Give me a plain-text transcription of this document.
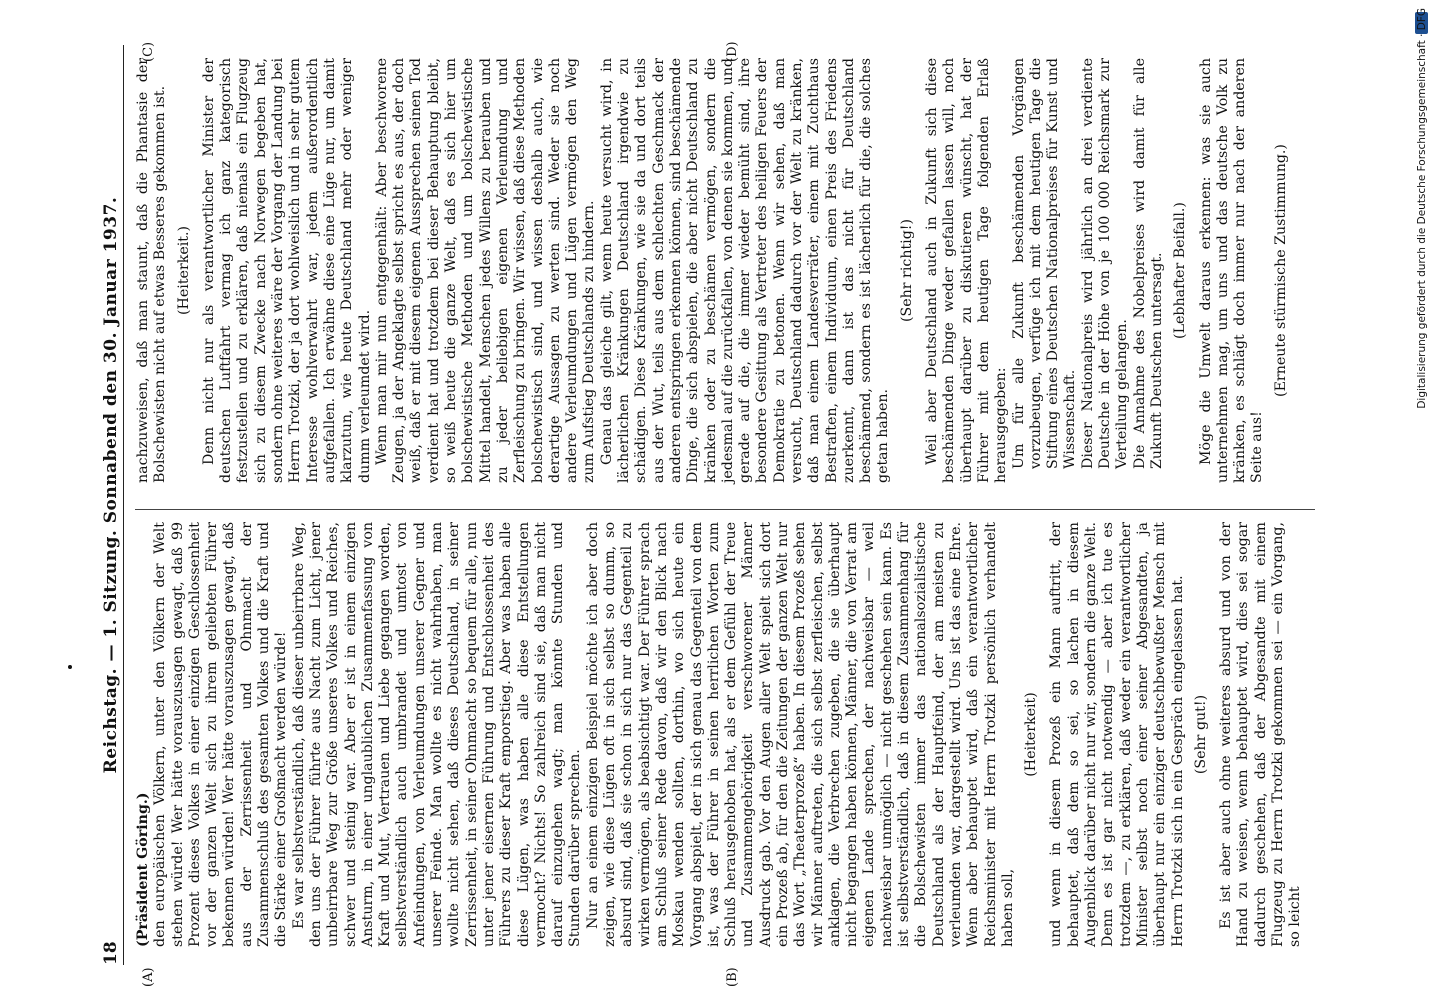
18
Reichstag. — 1. Sitzung. Sonnabend den 30. Januar 1937.
(A)	(B)
(C)	(D)

(Präsident Göring.) den europäischen Völkern, unter den Völkern der Welt stehen würde! Wer hätte vorauszusagen gewagt, daß 99 Prozent dieses Volkes in einer einzigen Geschlossenheit vor der ganzen Welt sich zu ihrem geliebten Führer bekennen würden! Wer hätte vorauszusagen gewagt, daß aus der Zerrissenheit und Ohnmacht der Zusammenschluß des gesamten Volkes und die Kraft und die Stärke einer Großmacht werden würde! Es war selbstverständlich, daß dieser unbeirrbare Weg, den uns der Führer führte aus Nacht zum Licht, jener unbeirrbare Weg zur Größe unseres Volkes und Reiches, schwer und steinig war. Aber er ist in einem einzigen Ansturm, in einer unglaublichen Zusammenfassung von Kraft und Mut, Vertrauen und Liebe gegangen worden, selbstverständlich auch umbrandet und umtost von Anfeindungen, von Verleumdungen unserer Gegner und unserer Feinde. Man wollte es nicht wahrhaben, man wollte nicht sehen, daß dieses Deutschland, in seiner Zerrissenheit, in seiner Ohnmacht so bequem für alle, nun unter jener eisernen Führung und Entschlossenheit des Führers zu dieser Kraft emporstieg. Aber was haben alle diese Lügen, was haben alle diese Entstellungen vermocht? Nichts! So zahlreich sind sie, daß man nicht darauf einzugehen wagt; man könnte Stunden und Stunden darüber sprechen. Nur an einem einzigen Beispiel möchte ich aber doch zeigen, wie diese Lügen oft in sich selbst so dumm, so absurd sind, daß sie schon in sich nur das Gegenteil zu wirken vermögen, als beabsichtigt war. Der Führer sprach am Schluß seiner Rede davon, daß wir den Blick nach Moskau wenden sollten, dorthin, wo sich heute ein Vorgang abspielt, der in sich genau das Gegenteil von dem ist, was der Führer in seinen herrlichen Worten zum Schluß herausgehoben hat, als er dem Gefühl der Treue und Zusammengehörigkeit verschworener Männer Ausdruck gab. Vor den Augen aller Welt spielt sich dort ein Prozeß ab, für den die Zeitungen der ganzen Welt nur das Wort „Theaterprozeß“ haben. In diesem Prozeß sehen wir Männer auftreten, die sich selbst zerfleischen, selbst anklagen, die Verbrechen zugeben, die sie überhaupt nicht begangen haben können, Männer, die von Verrat am eigenen Lande sprechen, der nachweisbar — weil nachweisbar unmöglich — nicht geschehen sein kann. Es ist selbstverständlich, daß in diesem Zusammenhang für die Bolschewisten immer das nationalsozialistische Deutschland als der Hauptfeind, der am meisten zu verleumden war, dargestellt wird. Uns ist das eine Ehre. Wenn aber behauptet wird, daß ein verantwortlicher Reichsminister mit Herrn Trotzki persönlich verhandelt haben soll,

(Heiterkeit) und wenn in diesem Prozeß ein Mann auftritt, der behauptet, daß dem so sei, so lachen in diesem Augenblick darüber nicht nur wir, sondern die ganze Welt. Denn es ist gar nicht notwendig — aber ich tue es trotzdem —, zu erklären, daß weder ein verantwortlicher Minister selbst noch einer seiner Abgesandten, ja überhaupt nur ein einziger deutschbewußter Mensch mit Herrn Trotzki sich in ein Gespräch eingelassen hat. (Sehr gut!) Es ist aber auch ohne weiteres absurd und von der Hand zu weisen, wenn behauptet wird, dies sei sogar dadurch geschehen, daß der Abgesandte mit einem Flugzeug zu Herrn Trotzki gekommen sei — ein Vorgang, so leicht

nachzuweisen, daß man staunt, daß die Phantasie der Bolschewisten nicht auf etwas Besseres gekommen ist. (Heiterkeit.) Denn nicht nur als verantwortlicher Minister der deutschen Luftfahrt vermag ich ganz kategorisch festzustellen und zu erklären, daß niemals ein Flugzeug sich zu diesem Zwecke nach Norwegen begeben hat, sondern ohne weiteres wäre der Vorgang der Landung bei Herrn Trotzki, der ja dort wohlweislich und in sehr gutem Interesse wohlverwahrt war, jedem außerordentlich aufgefallen. Ich erwähne diese eine Lüge nur, um damit klarzutun, wie heute Deutschland mehr oder weniger dumm verleumdet wird. Wenn man mir nun entgegenhält: Aber beschworene Zeugen, ja der Angeklagte selbst spricht es aus, der doch weiß, daß er mit diesem eigenen Aussprechen seinen Tod verdient hat und trotzdem bei dieser Behauptung bleibt, so weiß heute die ganze Welt, daß es sich hier um bolschewistische Methoden und um bolschewistische Mittel handelt, Menschen jedes Willens zu berauben und zu jeder beliebigen eigenen Verleumdung und Zerfleischung zu bringen. Wir wissen, daß diese Methoden bolschewistisch sind, und wissen deshalb auch, wie derartige Aussagen zu werten sind. Weder sie noch andere Verleumdungen und Lügen vermögen den Weg zum Aufstieg Deutschlands zu hindern. Genau das gleiche gilt, wenn heute versucht wird, in lächerlichen Kränkungen Deutschland irgendwie zu schädigen. Diese Kränkungen, wie sie da und dort teils aus der Wut, teils aus dem schlechten Geschmack der anderen entspringen erkennen können, sind beschämende Dinge, die sich abspielen, die aber nicht Deutschland zu kränken oder zu beschämen vermögen, sondern die jedesmal auf die zurückfallen, von denen sie kommen, und gerade auf die, die immer wieder bemüht sind, ihre besondere Gesittung als Vertreter des heiligen Feuers der Demokratie zu betonen. Wenn wir sehen, daß man versucht, Deutschland dadurch vor der Welt zu kränken, daß man einem Landesverräter, einem mit Zuchthaus Bestraften, einem Individuum, einen Preis des Friedens zuerkennt, dann ist das nicht für Deutschland beschämend, sondern es ist lächerlich für die, die solches getan haben.

(Sehr richtig!) Weil aber Deutschland auch in Zukunft sich diese beschämenden Dinge weder gefallen lassen will, noch überhaupt darüber zu diskutieren wünscht, hat der Führer mit dem heutigen Tage folgenden Erlaß herausgegeben: Um für alle Zukunft beschämenden Vorgängen vorzubeugen, verfüge ich mit dem heutigen Tage die Stiftung eines Deutschen Nationalpreises für Kunst und Wissenschaft. Dieser Nationalpreis wird jährlich an drei verdiente Deutsche in der Höhe von je 100 000 Reichsmark zur Verteilung gelangen. Die Annahme des Nobelpreises wird damit für alle Zukunft Deutschen untersagt. (Lebhafter Beifall.) Möge die Umwelt daraus erkennen: was sie auch unternehmen mag, um uns und das deutsche Volk zu kränken, es schlägt doch immer nur nach der anderen Seite aus!

(Erneute stürmische Zustimmung.)	Digitalisierung gefördert durch die Deutsche Forschungsgemeinschaft · DFG
